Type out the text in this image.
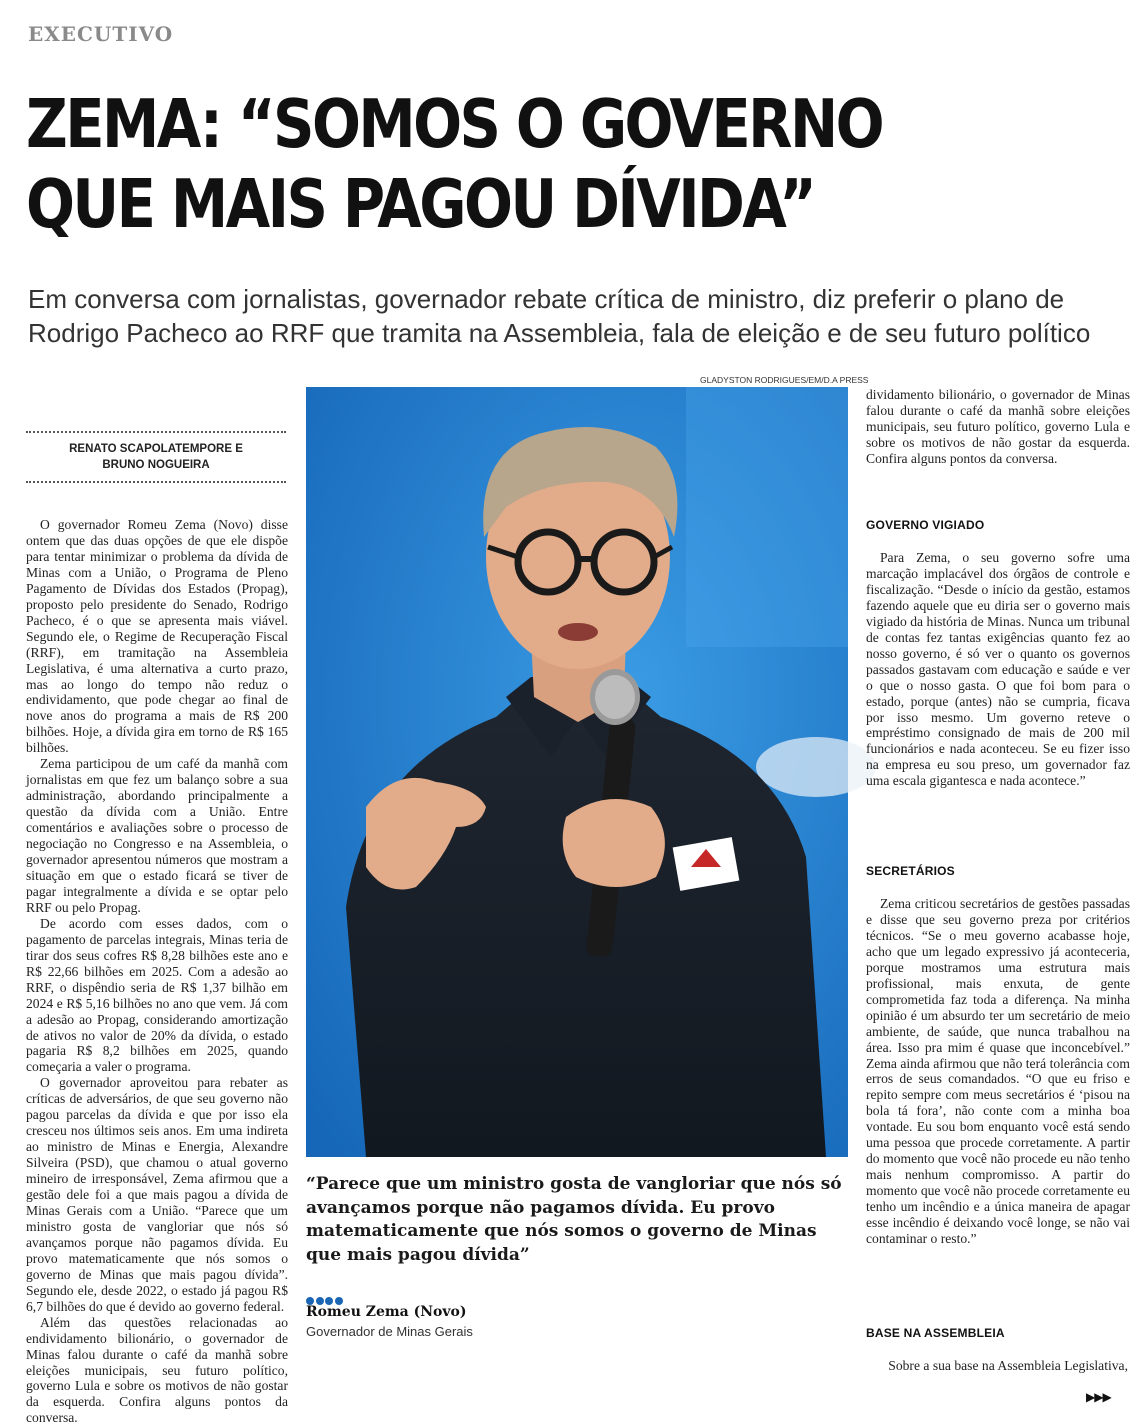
EXECUTIVO
ZEMA: “SOMOS O GOVERNO
QUE MAIS PAGOU DÍVIDA”
Em conversa com jornalistas, governador rebate crítica de ministro, diz preferir o plano de
Rodrigo Pacheco ao RRF que tramita na Assembleia, fala de eleição e de seu futuro político
GLADYSTON RODRIGUES/EM/D.A PRESS
RENATO SCAPOLATEMPORE E
BRUNO NOGUEIRA

O governador Romeu Zema (Novo) disse ontem que das duas opções de que ele dispõe para tentar minimizar o problema da dívida de Minas com a União, o Programa de Pleno Pagamento de Dívidas dos Estados (Propag), proposto pelo presidente do Senado, Rodrigo Pacheco, é o que se apresenta mais viável. Segundo ele, o Regime de Recuperação Fiscal (RRF), em tramitação na Assembleia Legislativa, é uma alternativa a curto prazo, mas ao longo do tempo não reduz o endividamento, que pode chegar ao final de nove anos do programa a mais de R$ 200 bilhões. Hoje, a dívida gira em torno de R$ 165 bilhões.

Zema participou de um café da manhã com jornalistas em que fez um balanço sobre a sua administração, abordando principalmente a questão da dívida com a União. Entre comentários e avaliações sobre o processo de negociação no Congresso e na Assembleia, o governador apresentou números que mostram a situação em que o estado ficará se tiver de pagar integralmente a dívida e se optar pelo RRF ou pelo Propag.

De acordo com esses dados, com o pagamento de parcelas integrais, Minas teria de tirar dos seus cofres R$ 8,28 bilhões este ano e R$ 22,66 bilhões em 2025. Com a adesão ao RRF, o dispêndio seria de R$ 1,37 bilhão em 2024 e R$ 5,16 bilhões no ano que vem. Já com a adesão ao Propag, considerando amortização de ativos no valor de 20% da dívida, o estado pagaria R$ 8,2 bilhões em 2025, quando começaria a valer o programa.

O governador aproveitou para rebater as críticas de adversários, de que seu governo não pagou parcelas da dívida e que por isso ela cresceu nos últimos seis anos. Em uma indireta ao ministro de Minas e Energia, Alexandre Silveira (PSD), que chamou o atual governo mineiro de irresponsável, Zema afirmou que a gestão dele foi a que mais pagou a dívida de Minas Gerais com a União. “Parece que um ministro gosta de vangloriar que nós só avançamos porque não pagamos dívida. Eu provo matematicamente que nós somos o governo de Minas que mais pagou dívida”. Segundo ele, desde 2022, o estado já pagou R$ 6,7 bilhões do que é devido ao governo federal.

Além das questões relacionadas ao endividamento bilionário, o governador de Minas falou durante o café da manhã sobre eleições municipais, seu futuro político, governo Lula e sobre os motivos de não gostar da esquerda. Confira alguns pontos da conversa.

dividamento bilionário, o governador de Minas falou durante o café da manhã sobre eleições municipais, seu futuro político, governo Lula e sobre os motivos de não gostar da esquerda. Confira alguns pontos da conversa.

GOVERNO VIGIADO

Para Zema, o seu governo sofre uma marcação implacável dos órgãos de controle e fiscalização. “Desde o início da gestão, estamos fazendo aquele que eu diria ser o governo mais vigiado da história de Minas. Nunca um tribunal de contas fez tantas exigências quanto fez ao nosso governo, é só ver o quanto os governos passados gastavam com educação e saúde e ver o que o nosso gasta. O que foi bom para o estado, porque (antes) não se cumpria, ficava por isso mesmo. Um governo reteve o empréstimo consignado de mais de 200 mil funcionários e nada aconteceu. Se eu fizer isso na empresa eu sou preso, um governador faz uma escala gigantesca e nada acontece.”

SECRETÁRIOS

Zema criticou secretários de gestões passadas e disse que seu governo preza por critérios técnicos. “Se o meu governo acabasse hoje, acho que um legado expressivo já aconteceria, porque mostramos uma estrutura mais profissional, mais enxuta, de gente comprometida faz toda a diferença. Na minha opinião é um absurdo ter um secretário de meio ambiente, de saúde, que nunca trabalhou na área. Isso pra mim é quase que inconcebível.” Zema ainda afirmou que não terá tolerância com erros de seus comandados. “O que eu friso e repito sempre com meus secretários é ‘pisou na bola tá fora’, não conte com a minha boa vontade. Eu sou bom enquanto você está sendo uma pessoa que procede corretamente. A partir do momento que você não procede eu não tenho mais nenhum compromisso. A partir do momento que você não procede corretamente eu tenho um incêndio e a única maneira de apagar esse incêndio é deixando você longe, se não vai contaminar o resto.”

BASE NA ASSEMBLEIA
Sobre a sua base na Assembleia Legislativa,
“Parece que um ministro gosta de vangloriar que nós só avançamos porque não pagamos dívida. Eu provo matematicamente que nós somos o governo de Minas que mais pagou dívida”
Romeu Zema (Novo)
Governador de Minas Gerais
▶▶▶
